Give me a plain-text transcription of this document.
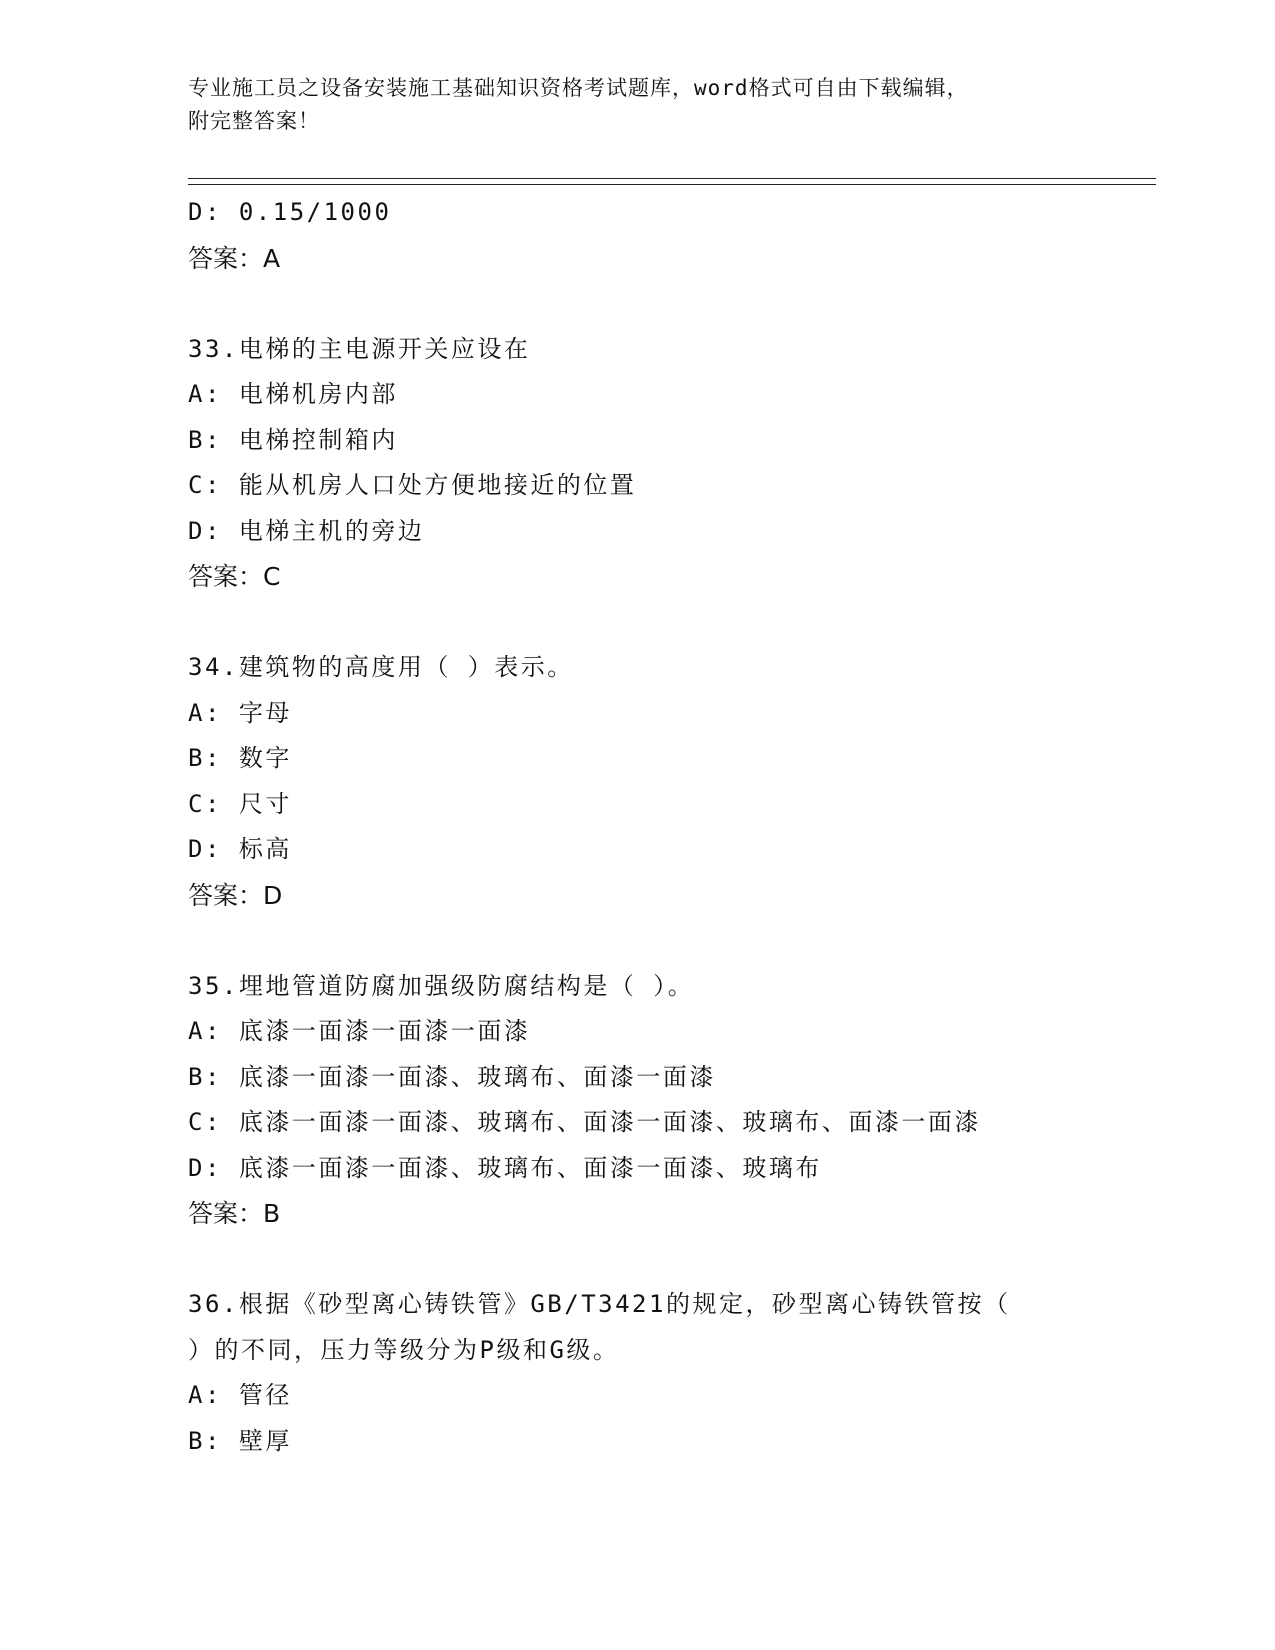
专业施工员之设备安装施工基础知识资格考试题库，word格式可自由下载编辑，
附完整答案！
D: 0.15/1000
答案：A
33.电梯的主电源开关应设在
A: 电梯机房内部
B: 电梯控制箱内
C: 能从机房人口处方便地接近的位置
D: 电梯主机的旁边
答案：C
34.建筑物的高度用（ ）表示。
A: 字母
B: 数字
C: 尺寸
D: 标高
答案：D
35.埋地管道防腐加强级防腐结构是（ ）。
A: 底漆一面漆一面漆一面漆
B: 底漆一面漆一面漆、玻璃布、面漆一面漆
C: 底漆一面漆一面漆、玻璃布、面漆一面漆、玻璃布、面漆一面漆
D: 底漆一面漆一面漆、玻璃布、面漆一面漆、玻璃布
答案：B
36.根据《砂型离心铸铁管》GB/T3421的规定，砂型离心铸铁管按（
）的不同，压力等级分为P级和G级。
A: 管径
B: 壁厚
